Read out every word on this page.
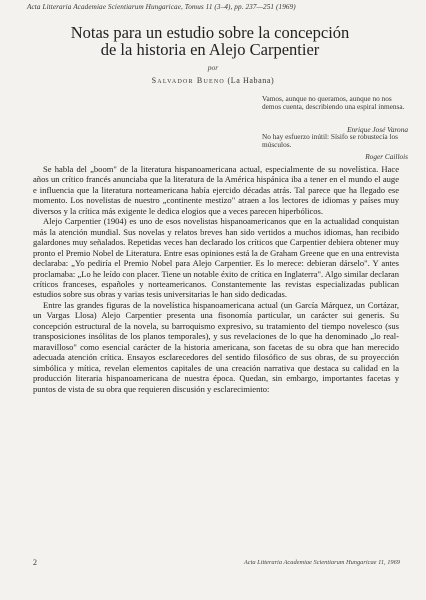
Acta Litteraria Academiae Scientiarum Hungaricae, Tomus 11 (3–4), pp. 237—251 (1969)
Notas para un estudio sobre la concepción
de la historia en Alejo Carpentier
por
Salvador Bueno (La Habana)
Vamos, aunque no queramos, aunque no nos demos cuenta, describiendo una espiral inmensa.
Enrique José Varona
No hay esfuerzo inútil: Sísifo se robustecía los músculos.
Roger Caillois

Se habla del „boom" de la literatura hispanoamericana actual, especialmente de su novelística. Hace años un crítico francés anunciaba que la literatura de la América hispánica iba a tener en el mundo el auge e influencia que la literatura norteamericana había ejercido décadas atrás. Tal parece que ha llegado ese momento. Los novelistas de nuestro „continente mestizo" atraen a los lectores de idiomas y países muy diversos y la crítica más exigente le dedica elogios que a veces parecen hiperbólicos.

Alejo Carpentier (1904) es uno de esos novelistas hispanoamericanos que en la actualidad conquistan más la atención mundial. Sus novelas y relatos breves han sido vertidos a muchos idiomas, han recibido galardones muy señalados. Repetidas veces han declarado los críticos que Carpentier debiera obtener muy pronto el Premio Nobel de Literatura. Entre esas opiniones está la de Graham Greene que en una entrevista declaraba: „Yo pediría el Premio Nobel para Alejo Carpentier. Es lo merece: debieran dárselo". Y antes proclamaba: „Lo he leído con placer. Tiene un notable éxito de crítica en Inglaterra". Algo similar declaran críticos franceses, españoles y norteamericanos. Constantemente las revistas especializadas publican estudios sobre sus obras y varias tesis universitarias le han sido dedicadas.

Entre las grandes figuras de la novelística hispanoamericana actual (un García Márquez, un Cortázar, un Vargas Llosa) Alejo Carpentier presenta una fisonomía particular, un carácter sui generis. Su concepción estructural de la novela, su barroquismo expresivo, su tratamiento del tiempo novelesco (sus transposiciones insólitas de los planos temporales), y sus revelaciones de lo que ha denominado „lo real-maravilloso" como esencial carácter de la historia americana, son facetas de su obra que han merecido adecuada atención crítica. Ensayos esclarecedores del sentido filosófico de sus obras, de su proyección simbólica y mítica, revelan elementos capitales de una creación narrativa que destaca su calidad en la producción literaria hispanoamericana de nuestra época. Quedan, sin embargo, importantes facetas y puntos de vista de su obra que requieren discusión y esclarecimiento:

2	Acta Litteraria Academiae Scientiarum Hungaricae 11, 1969
